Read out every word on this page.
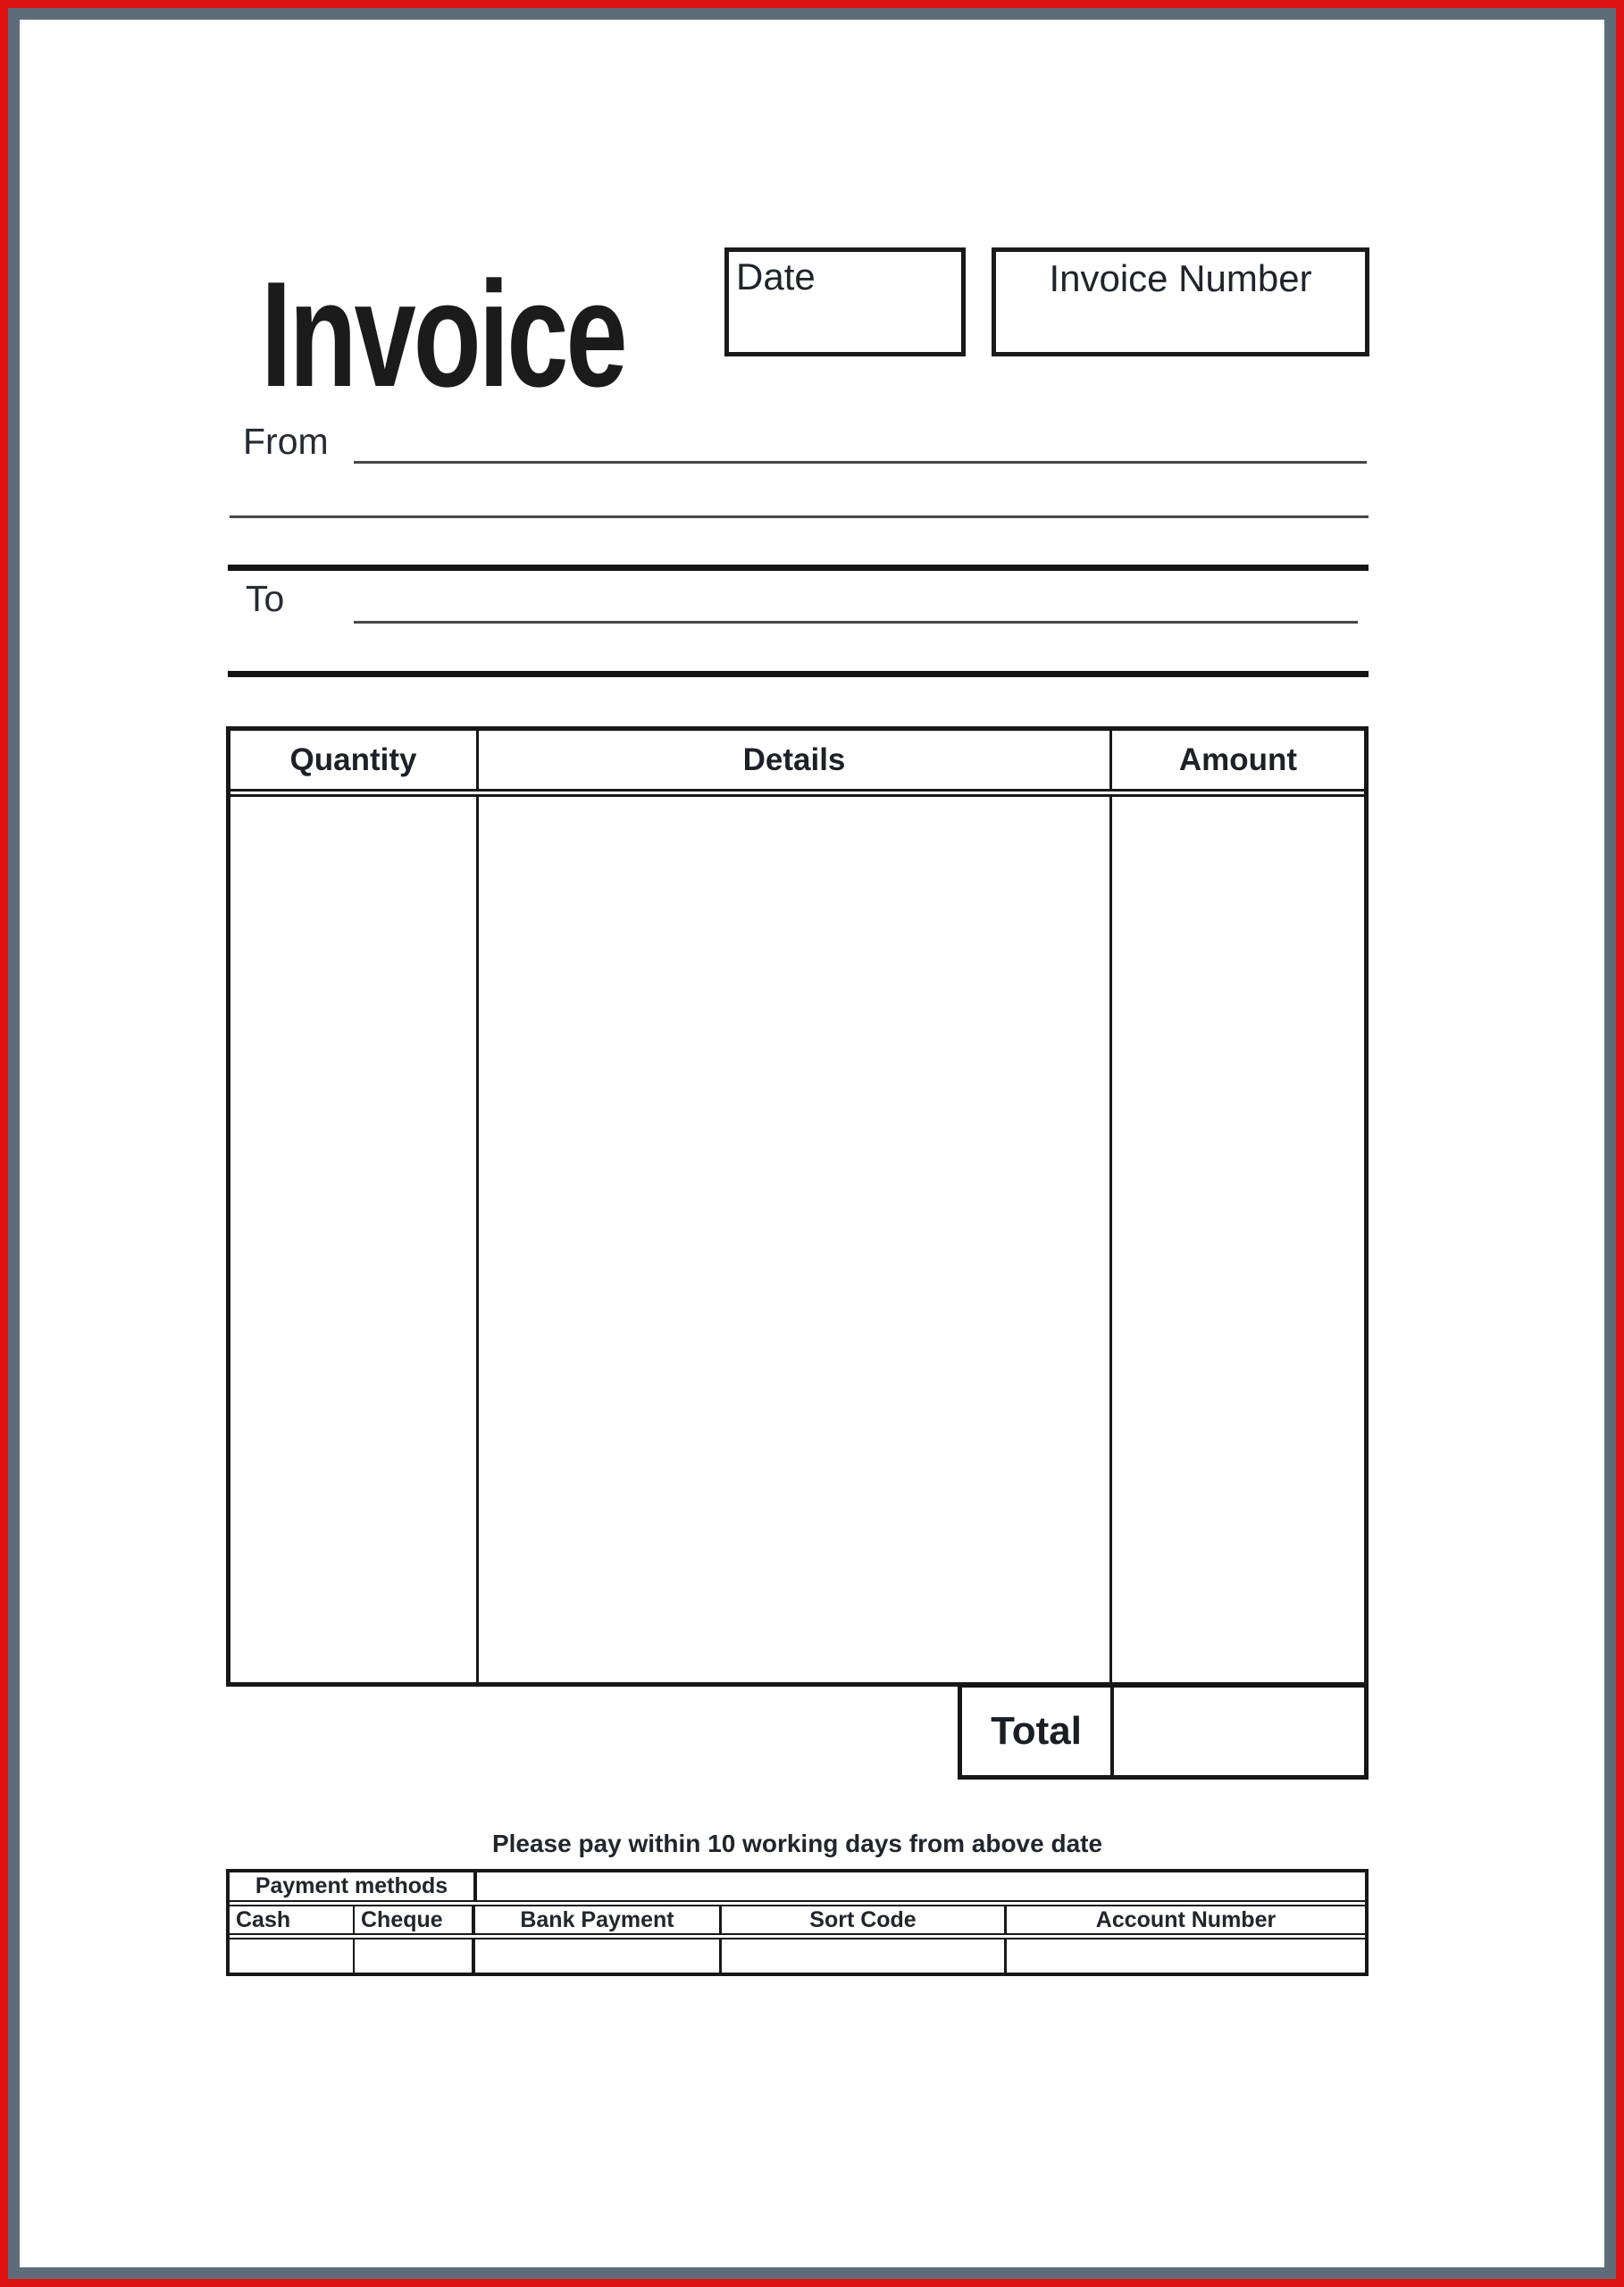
Invoice	Date	Invoice Number
From
To
Quantity	Details	Amount
Total
Please pay within 10 working days from above date
Payment methods
Cash	Cheque	Bank Payment	Sort Code	Account Number
